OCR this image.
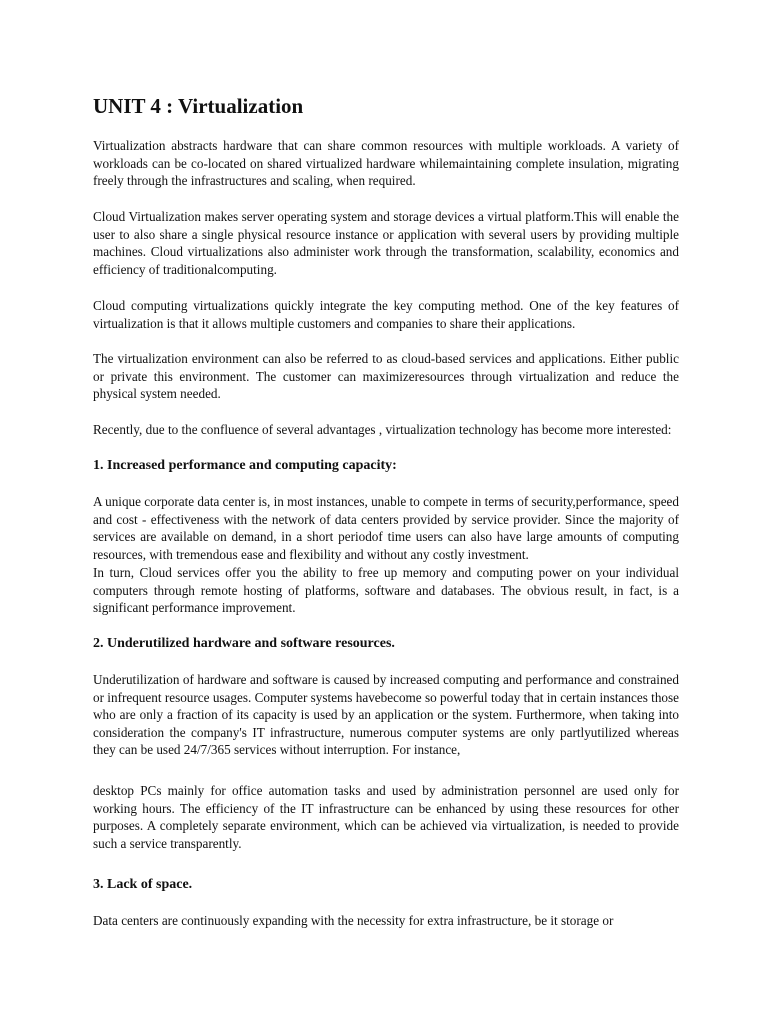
UNIT 4 : Virtualization

Virtualization abstracts hardware that can share common resources with multiple workloads. A variety of workloads can be co-located on shared virtualized hardware whilemaintaining complete insulation, migrating freely through the infrastructures and scaling, when required.

Cloud Virtualization makes server operating system and storage devices a virtual platform.This will enable the user to also share a single physical resource instance or application with several users by providing multiple machines. Cloud virtualizations also administer work through the transformation, scalability, economics and efficiency of traditionalcomputing.

Cloud computing virtualizations quickly integrate the key computing method. One of the key features of virtualization is that it allows multiple customers and companies to share their applications.

The virtualization environment can also be referred to as cloud-based services and applications. Either public or private this environment. The customer can maximizeresources through virtualization and reduce the physical system needed.

Recently, due to the confluence of several advantages , virtualization technology has become more interested:

1. Increased performance and computing capacity:

A unique corporate data center is, in most instances, unable to compete in terms of security,performance, speed and cost - effectiveness with the network of data centers provided by service provider. Since the majority of services are available on demand, in a short periodof time users can also have large amounts of computing resources, with tremendous ease and flexibility and without any costly investment.

In turn, Cloud services offer you the ability to free up memory and computing power on your individual computers through remote hosting of platforms, software and databases. The obvious result, in fact, is a significant performance improvement.

2. Underutilized hardware and software resources.

Underutilization of hardware and software is caused by increased computing and performance and constrained or infrequent resource usages. Computer systems havebecome so powerful today that in certain instances those who are only a fraction of its capacity is used by an application or the system. Furthermore, when taking into consideration the company's IT infrastructure, numerous computer systems are only partlyutilized whereas they can be used 24/7/365 services without interruption. For instance,

desktop PCs mainly for office automation tasks and used by administration personnel are used only for working hours. The efficiency of the IT infrastructure can be enhanced by using these resources for other purposes. A completely separate environment, which can be achieved via virtualization, is needed to provide such a service transparently.

3. Lack of space.

Data centers are continuously expanding with the necessity for extra infrastructure, be it storage or
